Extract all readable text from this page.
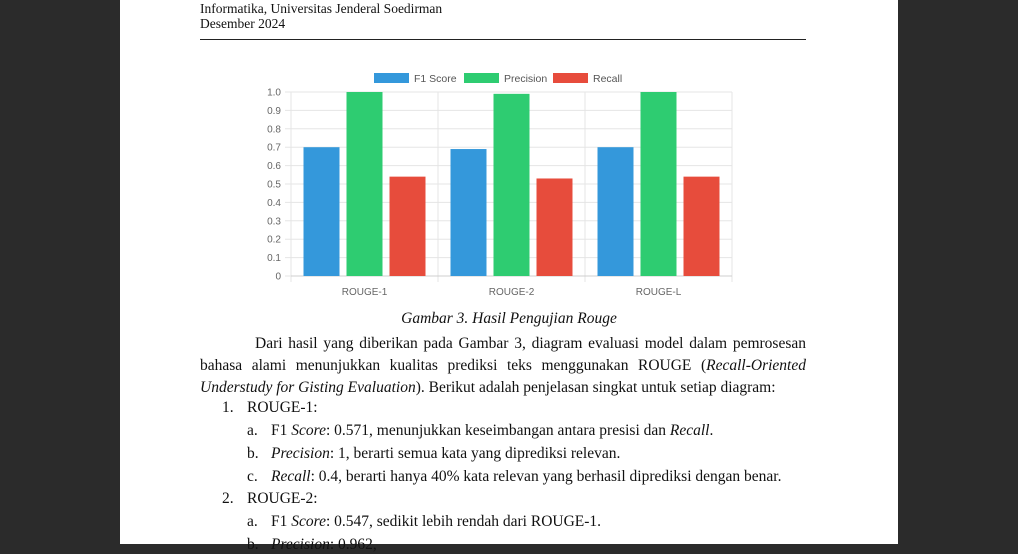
Informatika, Universitas Jenderal Soedirman
Desember 2024
F1 Score	Precision	Recall
0
0.1
0.2
0.3
0.4
0.5
0.6
0.7
0.8
0.9
1.0
ROUGE-1	ROUGE-2	ROUGE-L
Gambar 3. Hasil Pengujian Rouge

Dari hasil yang diberikan pada Gambar 3, diagram evaluasi model dalam pemrosesan bahasa alami menunjukkan kualitas prediksi teks menggunakan ROUGE (Recall-Oriented Understudy for Gisting Evaluation). Berikut adalah penjelasan singkat untuk setiap diagram:

1. ROUGE-1:
a. F1 Score: 0.571, menunjukkan keseimbangan antara presisi dan Recall.
b. Precision: 1, berarti semua kata yang diprediksi relevan.
c. Recall: 0.4, berarti hanya 40% kata relevan yang berhasil diprediksi dengan benar.
2. ROUGE-2:
a. F1 Score: 0.547, sedikit lebih rendah dari ROUGE-1.
b. Precision: 0.962,
